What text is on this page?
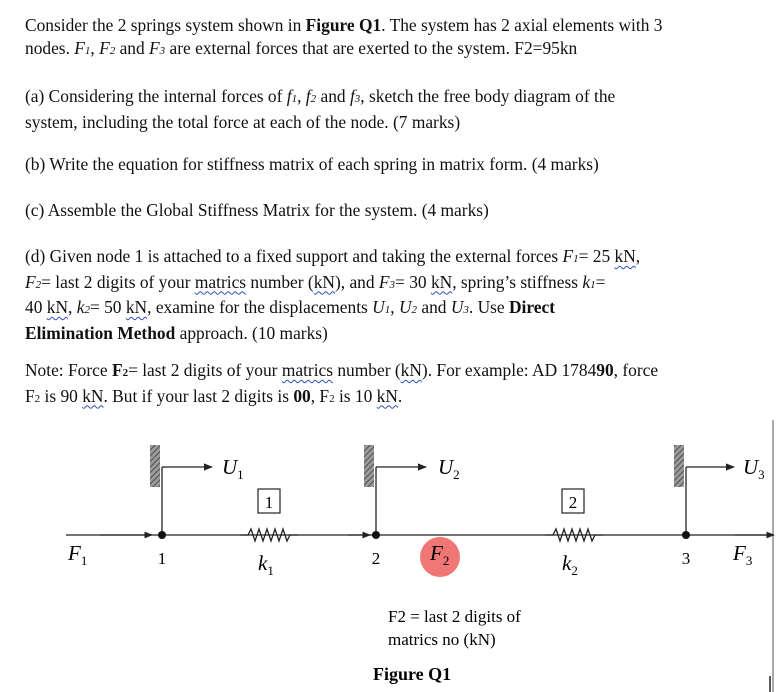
Consider the 2 springs system shown in Figure Q1. The system has 2 axial elements with 3
nodes. F1, F2 and F3 are external forces that are exerted to the system. F2=95kn

(a) Considering the internal forces of f1, f2 and f3, sketch the free body diagram of the
system, including the total force at each of the node. (7 marks)

(b) Write the equation for stiffness matrix of each spring in matrix form. (4 marks)

(c) Assemble the Global Stiffness Matrix for the system. (4 marks)

(d) Given node 1 is attached to a fixed support and taking the external forces F1= 25 kN,
F2= last 2 digits of your matrics number (kN), and F3= 30 kN, spring’s stiffness k1=
40 kN, k2= 50 kN, examine for the displacements U1, U2 and U3. Use Direct
Elimination Method approach. (10 marks)

Note: Force F2= last 2 digits of your matrics number (kN). For example: AD 178490, force
F2 is 90 kN. But if your last 2 digits is 00, F2 is 10 kN.

1	2
$U_1$	$U_2$	$U_3$
$F_1$	$F_2$	$F_3$
$k_1$	$k_2$
1	2	3
F2 = last 2 digits of
matrics no (kN)
Figure Q1
